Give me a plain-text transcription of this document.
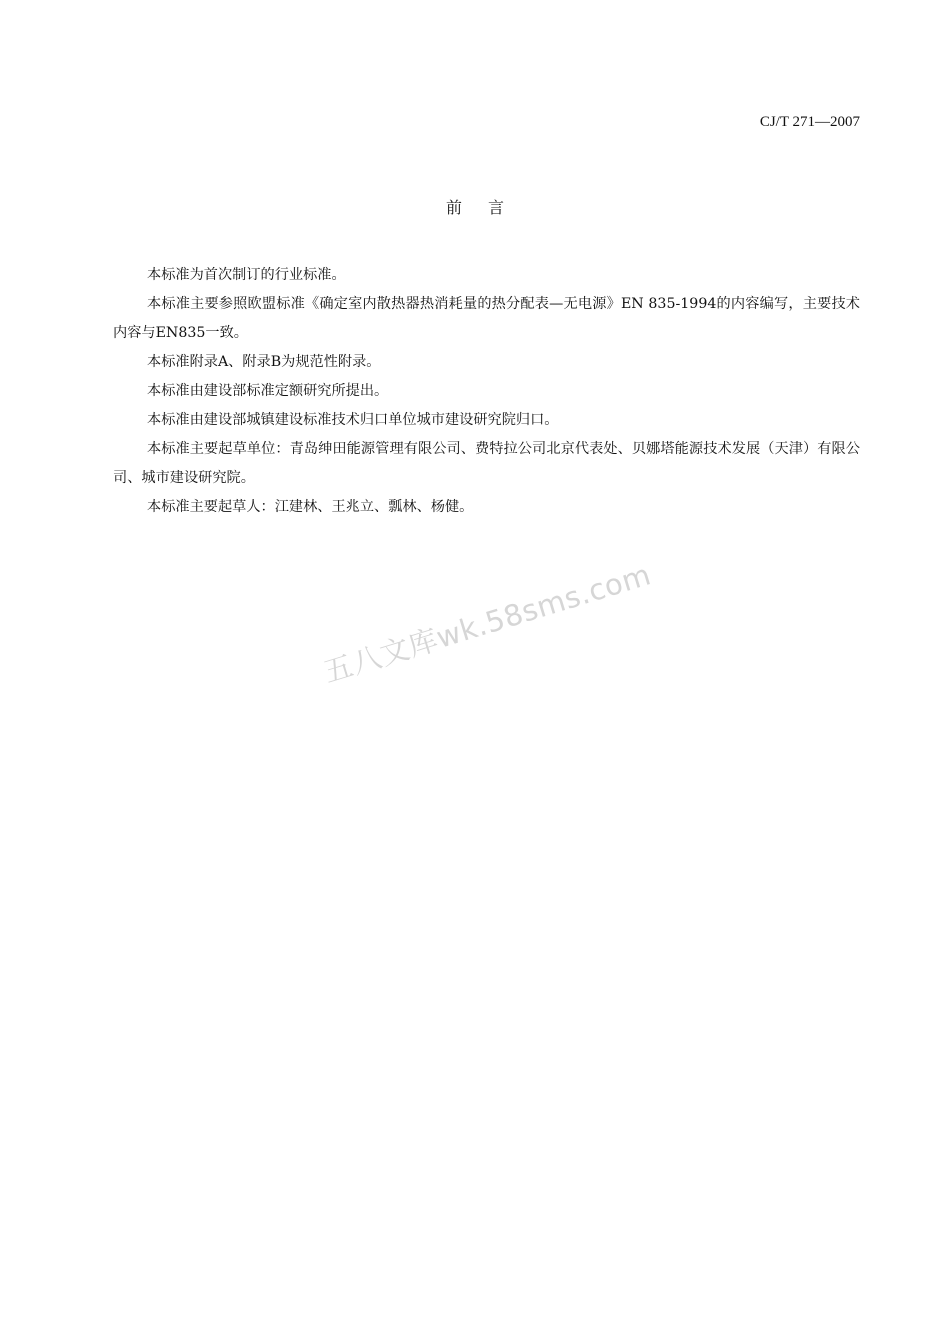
CJ/T 271—2007
前言

本标准为首次制订的行业标准。

本标准主要参照欧盟标准《确定室内散热器热消耗量的热分配表—无电源》EN 835-1994的内容编写，主要技术内容与EN835一致。

本标准附录A、附录B为规范性附录。

本标准由建设部标准定额研究所提出。

本标准由建设部城镇建设标准技术归口单位城市建设研究院归口。

本标准主要起草单位：青岛绅田能源管理有限公司、费特拉公司北京代表处、贝娜塔能源技术发展（天津）有限公司、城市建设研究院。

本标准主要起草人：江建林、王兆立、瓢林、杨健。

五八文库wk.58sms.com
